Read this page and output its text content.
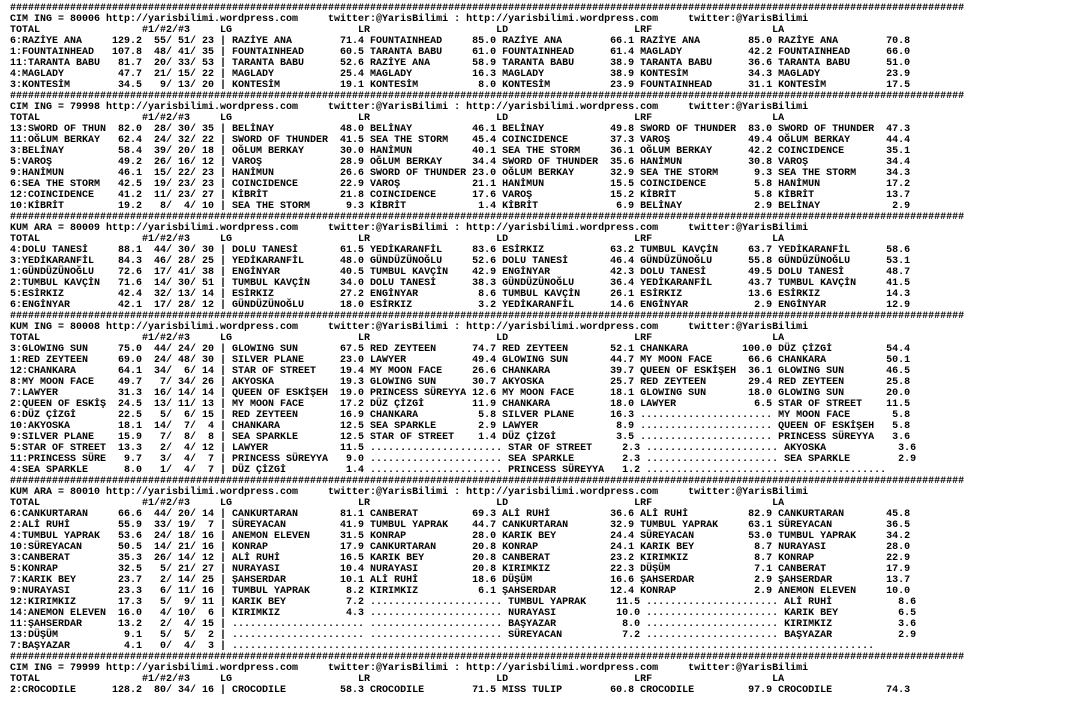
###############################################################################################################################################################
CIM ING = 80006 http://yarisbilimi.wordpress.com     twitter:@YarisBilimi : http://yarisbilimi.wordpress.com     twitter:@YarisBilimi
TOTAL                 #1/#2/#3     LG                     LR                     LD                     LRF                    LA
6:RAZİYE ANA     129.2  55/ 51/ 23 | RAZİYE ANA        71.4 FOUNTAINHEAD     85.0 RAZİYE ANA        66.1 RAZİYE ANA        85.0 RAZİYE ANA        70.8
1:FOUNTAINHEAD   107.8  48/ 41/ 35 | FOUNTAINHEAD      60.5 TARANTA BABU     61.0 FOUNTAINHEAD      61.4 MAGLADY           42.2 FOUNTAINHEAD      66.0
11:TARANTA BABU   81.7  20/ 33/ 53 | TARANTA BABU      52.6 RAZİYE ANA       58.9 TARANTA BABU      38.9 TARANTA BABU      36.6 TARANTA BABU      51.0
4:MAGLADY         47.7  21/ 15/ 22 | MAGLADY           25.4 MAGLADY          16.3 MAGLADY           38.9 KONTESİM          34.3 MAGLADY           23.9
3:KONTESİM        34.5   9/ 13/ 20 | KONTESİM          19.1 KONTESİM          8.0 KONTESİM          23.9 FOUNTAINHEAD      31.1 KONTESİM          17.5
###############################################################################################################################################################
CIM ING = 79998 http://yarisbilimi.wordpress.com     twitter:@YarisBilimi : http://yarisbilimi.wordpress.com     twitter:@YarisBilimi
TOTAL                 #1/#2/#3     LG                     LR                     LD                     LRF                    LA
13:SWORD OF THUN  82.0  28/ 30/ 35 | BELİNAY           48.0 BELİNAY          46.1 BELİNAY           49.8 SWORD OF THUNDER  83.0 SWORD OF THUNDER  47.3
11:OĞLUM BERKAY   62.4  24/ 32/ 22 | SWORD OF THUNDER  41.5 SEA THE STORM    45.4 COINCIDENCE       37.3 VAROŞ             49.4 OĞLUM BERKAY      44.4
3:BELİNAY         58.4  39/ 20/ 18 | OĞLUM BERKAY      30.0 HANİMUN          40.1 SEA THE STORM     36.1 OĞLUM BERKAY      42.2 COINCIDENCE       35.1
5:VAROŞ           49.2  26/ 16/ 12 | VAROŞ             28.9 OĞLUM BERKAY     34.4 SWORD OF THUNDER  35.6 HANİMUN           30.8 VAROŞ             34.4
9:HANİMUN         46.1  15/ 22/ 23 | HANİMUN           26.6 SWORD OF THUNDER 23.0 OĞLUM BERKAY      32.9 SEA THE STORM      9.3 SEA THE STORM     34.3
6:SEA THE STORM   42.5  19/ 23/ 23 | COINCIDENCE       22.9 VAROŞ            21.1 HANİMUN           15.5 COINCIDENCE        5.8 HANİMUN           17.2
12:COINCIDENCE    41.2  11/ 23/ 27 | KİBRİT            21.8 COINCIDENCE      17.6 VAROŞ             15.2 KİBRİT             5.8 KİBRİT            13.7
10:KİBRİT         19.2   8/  4/ 10 | SEA THE STORM      9.3 KİBRİT            1.4 KİBRİT             6.9 BELİNAY            2.9 BELİNAY            2.9
###############################################################################################################################################################
KUM ARA = 80009 http://yarisbilimi.wordpress.com     twitter:@YarisBilimi : http://yarisbilimi.wordpress.com     twitter:@YarisBilimi
TOTAL                 #1/#2/#3     LG                     LR                     LD                     LRF                    LA
4:DOLU TANESİ     88.1  44/ 30/ 30 | DOLU TANESİ       61.5 YEDİKARANFİL     83.6 ESİRKIZ           63.2 TUMBUL KAVÇİN     63.7 YEDİKARANFİL      58.6
3:YEDİKARANFİL    84.3  46/ 28/ 25 | YEDİKARANFİL      48.0 GÜNDÜZÜNOĞLU     52.6 DOLU TANESİ       46.4 GÜNDÜZÜNOĞLU      55.8 GÜNDÜZÜNOĞLU      53.1
1:GÜNDÜZÜNOĞLU    72.6  17/ 41/ 38 | ENGİNYAR          40.5 TUMBUL KAVÇİN    42.9 ENGİNYAR          42.3 DOLU TANESİ       49.5 DOLU TANESİ       48.7
2:TUMBUL KAVÇİN   71.6  14/ 30/ 51 | TUMBUL KAVÇİN     34.0 DOLU TANESİ      38.3 GÜNDÜZÜNOĞLU      36.4 YEDİKARANFİL      43.7 TUMBUL KAVÇİN     41.5
5:ESİRKIZ         42.4  32/ 13/ 14 | ESİRKIZ           27.2 ENGİNYAR          8.6 TUMBUL KAVÇİN     26.1 ESİRKIZ           13.6 ESİRKIZ           14.3
6:ENGİNYAR        42.1  17/ 28/ 12 | GÜNDÜZÜNOĞLU      18.0 ESİRKIZ           3.2 YEDİKARANFİL      14.6 ENGİNYAR           2.9 ENGİNYAR          12.9
###############################################################################################################################################################
KUM ING = 80008 http://yarisbilimi.wordpress.com     twitter:@YarisBilimi : http://yarisbilimi.wordpress.com     twitter:@YarisBilimi
TOTAL                 #1/#2/#3     LG                     LR                     LD                     LRF                    LA
3:GLOWING SUN     75.0  44/ 24/ 20 | GLOWING SUN       67.5 RED ZEYTEEN      74.7 RED ZEYTEEN       52.1 CHANKARA         100.0 DÜZ ÇİZGİ         54.4
1:RED ZEYTEEN     69.0  24/ 48/ 30 | SILVER PLANE      23.0 LAWYER           49.4 GLOWING SUN       44.7 MY MOON FACE      66.6 CHANKARA          50.1
12:CHANKARA       64.1  34/  6/ 14 | STAR OF STREET    19.4 MY MOON FACE     26.6 CHANKARA          39.7 QUEEN OF ESKİŞEH  36.1 GLOWING SUN       46.5
8:MY MOON FACE    49.7   7/ 34/ 26 | AKYOSKA           19.3 GLOWING SUN      30.7 AKYOSKA           25.7 RED ZEYTEEN       29.4 RED ZEYTEEN       25.8
7:LAWYER          31.3  16/ 14/ 14 | QUEEN OF ESKİŞEH  19.0 PRINCESS SÜREYYA 12.6 MY MOON FACE      18.1 GLOWING SUN       18.0 GLOWING SUN       20.0
2:QUEEN OF ESKİŞ  24.5  13/ 11/ 13 | MY MOON FACE      17.2 DÜZ ÇİZGİ        11.9 CHANKARA          18.0 LAWYER             6.5 STAR OF STREET    11.5
6:DÜZ ÇİZGİ       22.5   5/  6/ 15 | RED ZEYTEEN       16.9 CHANKARA          5.8 SILVER PLANE      16.3 ...................... MY MOON FACE       5.8
10:AKYOSKA        18.1  14/  7/  4 | CHANKARA          12.5 SEA SPARKLE       2.9 LAWYER             8.9 ...................... QUEEN OF ESKİŞEH   5.8
9:SILVER PLANE    15.9   7/  8/  8 | SEA SPARKLE       12.5 STAR OF STREET    1.4 DÜZ ÇİZGİ          3.5 ...................... PRINCESS SÜREYYA   3.6
5:STAR OF STREET  13.3   2/  4/ 12 | LAWYER            11.5 ...................... STAR OF STREET     2.3 ...................... AKYOSKA            3.6
11:PRINCESS SÜRE   9.7   3/  4/  7 | PRINCESS SÜREYYA   9.0 ...................... SEA SPARKLE        2.3 ...................... SEA SPARKLE        2.9
4:SEA SPARKLE      8.0   1/  4/  7 | DÜZ ÇİZGİ          1.4 ...................... PRINCESS SÜREYYA   1.2 ........................................
###############################################################################################################################################################
KUM ARA = 80010 http://yarisbilimi.wordpress.com     twitter:@YarisBilimi : http://yarisbilimi.wordpress.com     twitter:@YarisBilimi
TOTAL                 #1/#2/#3     LG                     LR                     LD                     LRF                    LA
6:CANKURTARAN     66.6  44/ 20/ 14 | CANKURTARAN       81.1 CANBERAT         69.3 ALİ RUHİ          36.6 ALİ RUHİ          82.9 CANKURTARAN       45.8
2:ALİ RUHİ        55.9  33/ 19/  7 | SÜREYACAN         41.9 TUMBUL YAPRAK    44.7 CANKURTARAN       32.9 TUMBUL YAPRAK     63.1 SÜREYACAN         36.5
4:TUMBUL YAPRAK   53.6  24/ 18/ 16 | ANEMON ELEVEN     31.5 KONRAP           28.0 KARIK BEY         24.4 SÜREYACAN         53.0 TUMBUL YAPRAK     34.2
10:SÜREYACAN      50.5  14/ 21/ 16 | KONRAP            17.9 CANKURTARAN      20.8 KONRAP            24.1 KARIK BEY          8.7 NURAYASI          28.0
3:CANBERAT        35.3  26/ 14/ 12 | ALİ RUHİ          16.5 KARIK BEY        20.8 CANBERAT          23.2 KIRIMKIZ           8.7 KONRAP            22.9
5:KONRAP          32.5   5/ 21/ 27 | NURAYASI          10.4 NURAYASI         20.8 KIRIMKIZ          22.3 DÜŞÜM              7.1 CANBERAT          17.9
7:KARIK BEY       23.7   2/ 14/ 25 | ŞAHSERDAR         10.1 ALİ RUHİ         18.6 DÜŞÜM             16.6 ŞAHSERDAR          2.9 ŞAHSERDAR         13.7
9:NURAYASI        23.3   6/ 11/ 16 | TUMBUL YAPRAK      8.2 KIRIMKIZ          6.1 ŞAHSERDAR         12.4 KONRAP             2.9 ANEMON ELEVEN     10.0
12:KIRIMKIZ       17.3   5/  9/ 11 | KARIK BEY          7.2 ...................... TUMBUL YAPRAK     11.5 ...................... ALİ RUHİ           8.6
14:ANEMON ELEVEN  16.0   4/ 10/  6 | KIRIMKIZ           4.3 ...................... NURAYASI          10.0 ...................... KARIK BEY          6.5
11:ŞAHSERDAR      13.2   2/  4/ 15 | ...................... ...................... BAŞYAZAR           8.0 ...................... KIRIMKIZ           3.6
13:DÜŞÜM           9.1   5/  5/  2 | ...................... ...................... SÜREYACAN          7.2 ...................... BAŞYAZAR           2.9
7:BAŞYAZAR         4.1   0/  4/  3 | ...........................................................................................................
###############################################################################################################################################################
CIM ING = 79999 http://yarisbilimi.wordpress.com     twitter:@YarisBilimi : http://yarisbilimi.wordpress.com     twitter:@YarisBilimi
TOTAL                 #1/#2/#3     LG                     LR                     LD                     LRF                    LA
2:CROCODILE      128.2  80/ 34/ 16 | CROCODILE         58.3 CROCODILE        71.5 MISS TULIP        60.8 CROCODILE         97.9 CROCODILE         74.3
